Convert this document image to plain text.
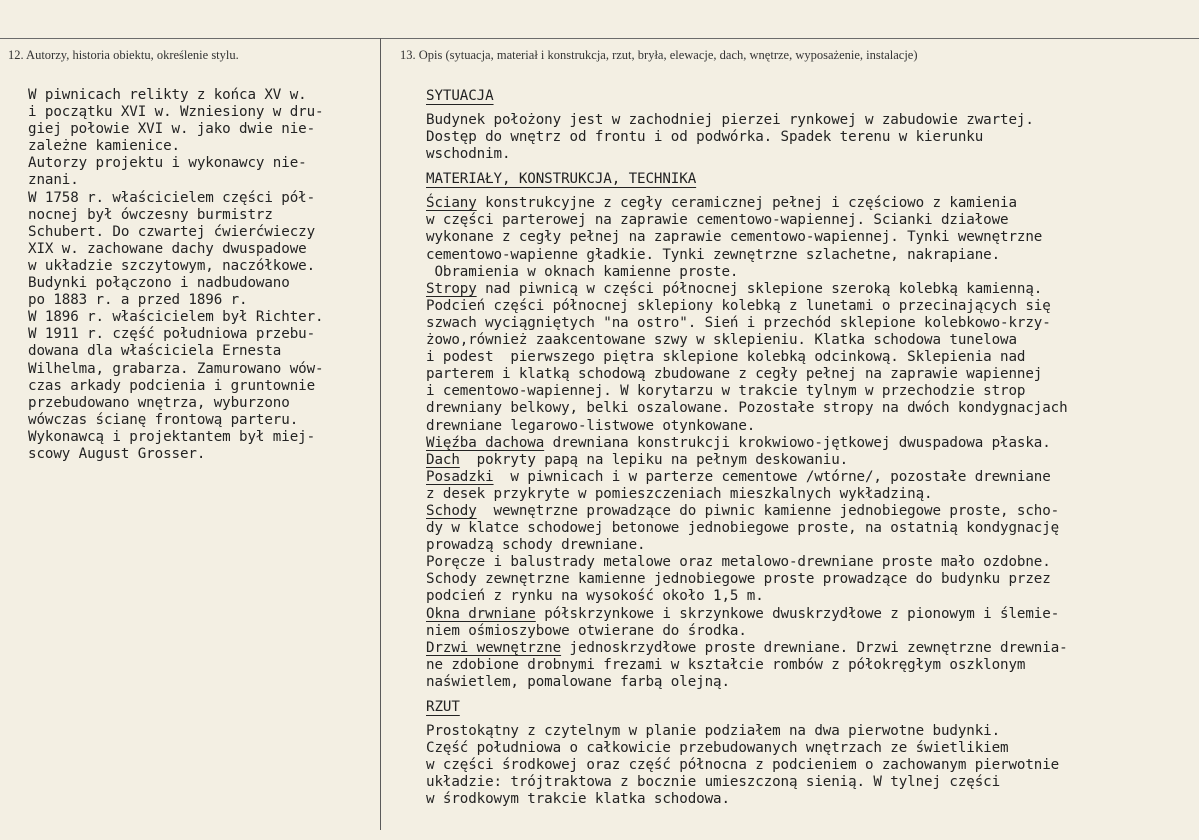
12. Autorzy, historia obiektu, określenie stylu.	13. Opis (sytuacja, materiał i konstrukcja, rzut, bryła, elewacje, dach, wnętrze, wyposażenie, instalacje)
W piwnicach relikty z końca XV w.
i początku XVI w. Wzniesiony w dru-
giej połowie XVI w. jako dwie nie-
zależne kamienice.
Autorzy projektu i wykonawcy nie-
znani.
W 1758 r. właścicielem części pół-
nocnej był ówczesny burmistrz
Schubert. Do czwartej ćwierćwieczy
XIX w. zachowane dachy dwuspadowe
w układzie szczytowym, naczółkowe.
Budynki połączono i nadbudowano
po 1883 r. a przed 1896 r.
W 1896 r. właścicielem był Richter.
W 1911 r. część południowa przebu-
dowana dla właściciela Ernesta
Wilhelma, grabarza. Zamurowano wów-
czas arkady podcienia i gruntownie
przebudowano wnętrza, wyburzono
wówczas ścianę frontową parteru.
Wykonawcą i projektantem był miej-
scowy August Grosser.
SYTUACJA
Budynek położony jest w zachodniej pierzei rynkowej w zabudowie zwartej.
Dostęp do wnętrz od frontu i od podwórka. Spadek terenu w kierunku
wschodnim.
MATERIAŁY, KONSTRUKCJA, TECHNIKA
Ściany konstrukcyjne z cegły ceramicznej pełnej i częściowo z kamienia
w części parterowej na zaprawie cementowo-wapiennej. Scianki działowe
wykonane z cegły pełnej na zaprawie cementowo-wapiennej. Tynki wewnętrzne
cementowo-wapienne gładkie. Tynki zewnętrzne szlachetne, nakrapiane.
Obramienia w oknach kamienne proste.
Stropy nad piwnicą w części północnej sklepione szeroką kolebką kamienną.
Podcień części północnej sklepiony kolebką z lunetami o przecinających się
szwach wyciągniętych "na ostro". Sień i przechód sklepione kolebkowo-krzy-
żowo,również zaakcentowane szwy w sklepieniu. Klatka schodowa tunelowa
i podest  pierwszego piętra sklepione kolebką odcinkową. Sklepienia nad
parterem i klatką schodową zbudowane z cegły pełnej na zaprawie wapiennej
i cementowo-wapiennej. W korytarzu w trakcie tylnym w przechodzie strop
drewniany belkowy, belki oszalowane. Pozostałe stropy na dwóch kondygnacjach
drewniane legarowo-listwowe otynkowane.
Więźba dachowa drewniana konstrukcji krokwiowo-jętkowej dwuspadowa płaska.
Dach  pokryty papą na lepiku na pełnym deskowaniu.
Posadzki  w piwnicach i w parterze cementowe /wtórne/, pozostałe drewniane
z desek przykryte w pomieszczeniach mieszkalnych wykładziną.
Schody  wewnętrzne prowadzące do piwnic kamienne jednobiegowe proste, scho-
dy w klatce schodowej betonowe jednobiegowe proste, na ostatnią kondygnację
prowadzą schody drewniane.
Poręcze i balustrady metalowe oraz metalowo-drewniane proste mało ozdobne.
Schody zewnętrzne kamienne jednobiegowe proste prowadzące do budynku przez
podcień z rynku na wysokość około 1,5 m.
Okna drwniane półskrzynkowe i skrzynkowe dwuskrzydłowe z pionowym i ślemie-
niem ośmioszybowe otwierane do środka.
Drzwi wewnętrzne jednoskrzydłowe proste drewniane. Drzwi zewnętrzne drewnia-
ne zdobione drobnymi frezami w kształcie rombów z półokręgłym oszklonym
naświetlem, pomalowane farbą olejną.
RZUT
Prostokątny z czytelnym w planie podziałem na dwa pierwotne budynki.
Część południowa o całkowicie przebudowanych wnętrzach ze świetlikiem
w części środkowej oraz część północna z podcieniem o zachowanym pierwotnie
układzie: trójtraktowa z bocznie umieszczoną sienią. W tylnej części
w środkowym trakcie klatka schodowa.
